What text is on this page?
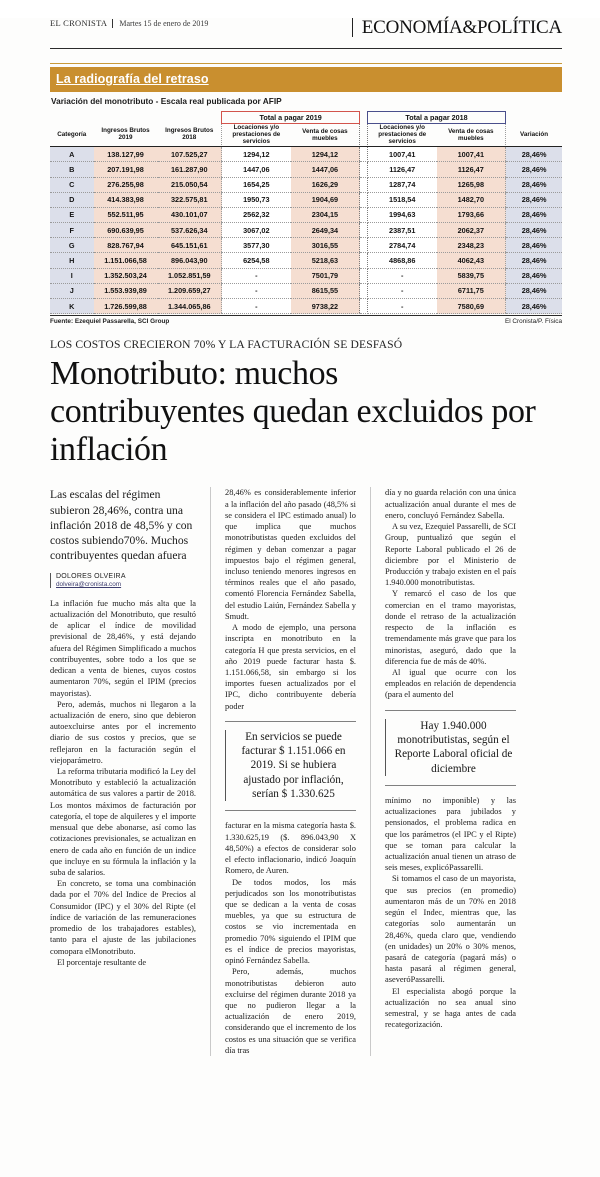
EL CRONISTA	Martes 15 de enero de 2019	ECONOMÍA&POLÍTICA
La radiografía del retraso
Variación del monotributo - Escala real publicada por AFIP
			Total a pagar 2019			Total a pagar 2018		
Categoría	Ingresos Brutos 2019	Ingresos Brutos 2018	Locaciones y/o prestaciones de servicios	Venta de cosas muebles		Locaciones y/o prestaciones de servicios	Venta de cosas muebles	Variación

A	138.127,99	107.525,27	1294,12	1294,12		1007,41	1007,41	28,46%
B	207.191,98	161.287,90	1447,06	1447,06		1126,47	1126,47	28,46%
C	276.255,98	215.050,54	1654,25	1626,29		1287,74	1265,98	28,46%
D	414.383,98	322.575,81	1950,73	1904,69		1518,54	1482,70	28,46%
E	552.511,95	430.101,07	2562,32	2304,15		1994,63	1793,66	28,46%
F	690.639,95	537.626,34	3067,02	2649,34		2387,51	2062,37	28,46%
G	828.767,94	645.151,61	3577,30	3016,55		2784,74	2348,23	28,46%
H	1.151.066,58	896.043,90	6254,58	5218,63		4868,86	4062,43	28,46%
I	1.352.503,24	1.052.851,59	-	7501,79		-	5839,75	28,46%
J	1.553.939,89	1.209.659,27	-	8615,55		-	6711,75	28,46%
K	1.726.599,88	1.344.065,86	-	9738,22		-	7580,69	28,46%
Fuente: Ezequiel Passarella, SCI Group	El Cronista/P. Física
LOS COSTOS CRECIERON 70% Y LA FACTURACIÓN SE DESFASÓ
Monotributo: muchos contribuyentes quedan excluidos por inflación
Las escalas del régimen subieron 28,46%, contra una inflación 2018 de 48,5% y con costos subiendo70%. Muchos contribuyentes quedan afuera
DOLORES OLVEIRA
dolveira@cronista.com

La inflación fue mucho más alta que la actualización del Monotributo, que resultó de aplicar el índice de movilidad previsional de 28,46%, y está dejando afuera del Régimen Simplificado a muchos contribuyentes, sobre todo a los que se dedican a venta de bienes, cuyos costos aumentaron 70%, según el IPIM (precios mayoristas).

Pero, además, muchos ni llegaron a la actualización de enero, sino que debieron autoexcluirse antes por el incremento diario de sus costos y precios, que se reflejaron en la facturación según el viejoparámetro.

La reforma tributaria modificó la Ley del Monotributo y estableció la actualización automática de sus valores a partir de 2018. Los montos máximos de facturación por categoría, el tope de alquileres y el importe mensual que debe abonarse, así como las cotizaciones previsionales, se actualizan en enero de cada año en función de un indice que incluye en su fórmula la inflación y la suba de salarios.

En concreto, se toma una combinación dada por el 70% del Indice de Precios al Consumidor (IPC) y el 30% del Ripte (el índice de variación de las remuneraciones promedio de los trabajadores estables), tanto para el ajuste de las jubilaciones comopara elMonotributo.

El porcentaje resultante de

28,46% es considerablemente inferior a la inflación del año pasado (48,5% si se considera el IPC estimado anual) lo que implica que muchos monotributistas queden excluidos del régimen y deban comenzar a pagar impuestos bajo el régimen general, incluso teniendo menores ingresos en términos reales que el año pasado, comentó Florencia Fernández Sabella, del estudio Laiún, Fernández Sabella y Smudt.

A modo de ejemplo, una persona inscripta en monotributo en la categoría H que presta servicios, en el año 2019 puede facturar hasta $. 1.151.066,58, sin embargo si los importes fuesen actualizados por el IPC, dicho contribuyente debería poder

En servicios se puede facturar $ 1.151.066 en 2019. Si se hubiera ajustado por inflación, serían $ 1.330.625

facturar en la misma categoría hasta $. 1.330.625,19 ($. 896.043,90 X 48,50%) a efectos de considerar solo el efecto inflacionario, indicó Joaquín Romero, de Auren.

De todos modos, los más perjudicados son los monotributistas que se dedican a la venta de cosas muebles, ya que su estructura de costos se vio incrementada en promedio 70% siguiendo el IPIM que es el índice de precios mayoristas, opinó Fernández Sabella.

Pero, además, muchos monotributistas debieron auto excluirse del régimen durante 2018 ya que no pudieron llegar a la actualización de enero 2019, considerando que el incremento de los costos es una situación que se verifica día tras

día y no guarda relación con una única actualización anual durante el mes de enero, concluyó Fernández Sabella.

A su vez, Ezequiel Passarelli, de SCI Group, puntualizó que según el Reporte Laboral publicado el 26 de diciembre por el Ministerio de Producción y trabajo existen en el país 1.940.000 monotributistas.

Y remarcó el caso de los que comercian en el tramo mayoristas, donde el retraso de la actualización respecto de la inflación es tremendamente más grave que para los minoristas, aseguró, dado que la diferencia fue de más de 40%.

Al igual que ocurre con los empleados en relación de dependencia (para el aumento del

Hay 1.940.000 monotributistas, según el Reporte Laboral oficial de diciembre

mínimo no imponible) y las actualizaciones para jubilados y pensionados, el problema radica en que los parámetros (el IPC y el Ripte) que se toman para calcular la actualización anual tienen un atraso de seis meses, explicóPassarelli.

Si tomamos el caso de un mayorista, que sus precios (en promedio) aumentaron más de un 70% en 2018 según el Indec, mientras que, las categorías solo aumentarán un 28,46%, queda claro que, vendiendo (en unidades) un 20% o 30% menos, pasará de categoría (pagará más) o hasta pasará al régimen general, aseveróPassarelli.

El especialista abogó porque la actualización no sea anual sino semestral, y se haga antes de cada recategorización.
